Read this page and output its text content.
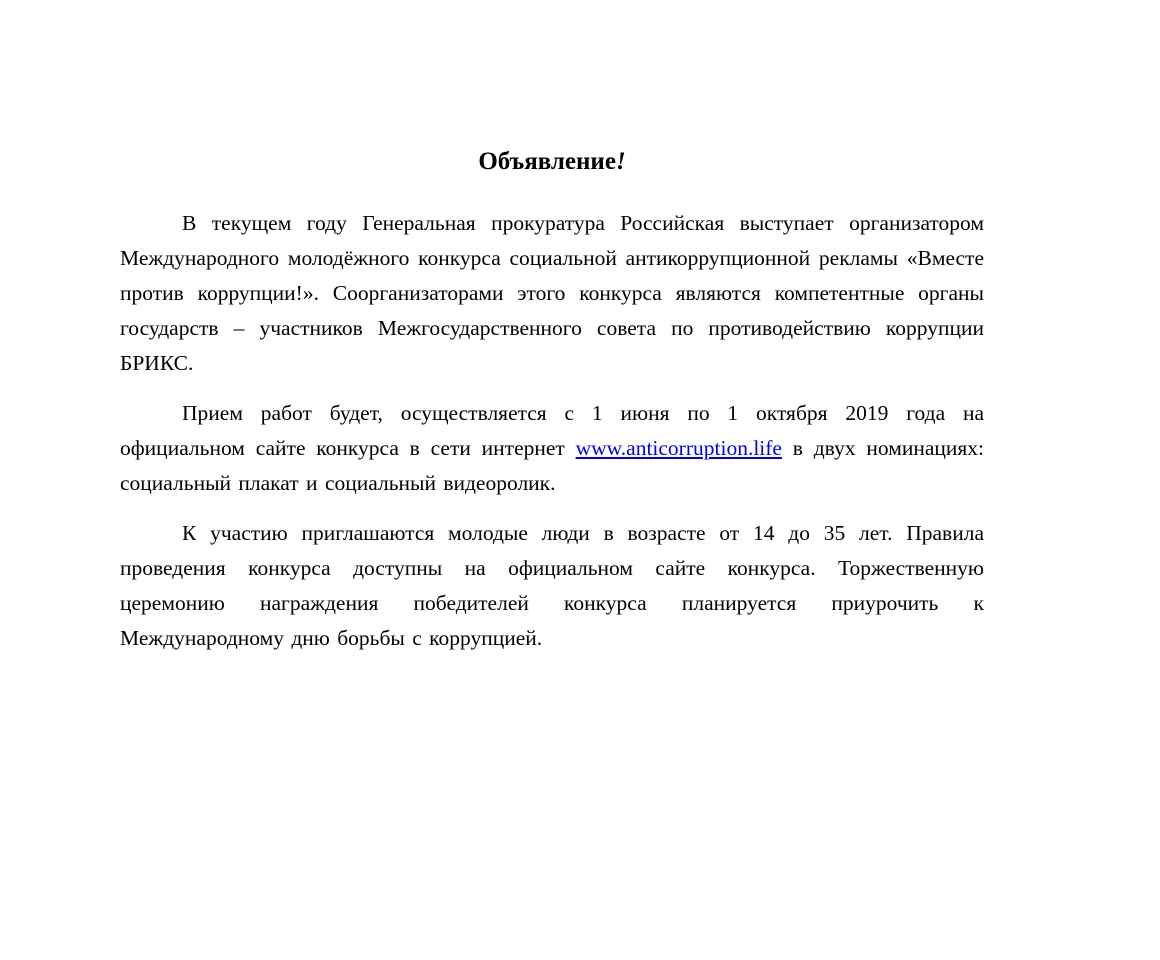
Объявление!

В текущем году Генеральная прокуратура Российская выступает организатором Международного молодёжного конкурса социальной антикоррупционной рекламы «Вместе против коррупции!». Соорганизаторами этого конкурса являются компетентные органы государств – участников Межгосударственного совета по противодействию коррупции БРИКС.

Прием работ будет, осуществляется с 1 июня по 1 октября 2019 года на официальном сайте конкурса в сети интернет www.anticorruption.life в двух номинациях: социальный плакат и социальный видеоролик.

К участию приглашаются молодые люди в возрасте от 14 до 35 лет. Правила проведения конкурса доступны на официальном сайте конкурса. Торжественную церемонию награждения победителей конкурса планируется приурочить к Международному дню борьбы с коррупцией.
